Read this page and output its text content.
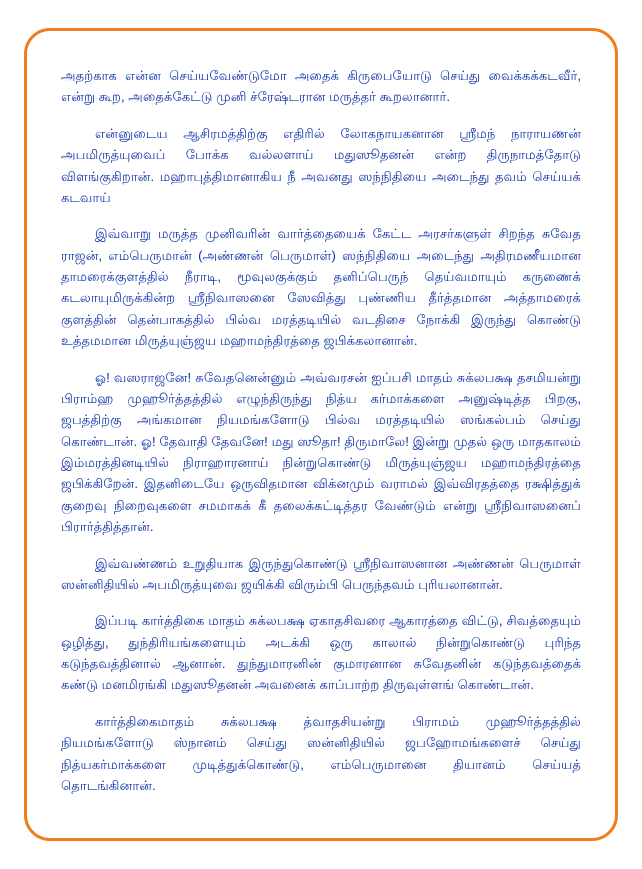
அதற்காக என்ன செய்யவேண்டுமோ அதைக் கிருபையோடு செய்து வைக்கக்கடவீர், என்று கூற, அதைக்கேட்டு முனி ச்ரேஷ்டரான மருத்தர் கூறலானார்.

என்னுடைய ஆசிரமத்திற்கு எதிரில் லோகநாயகனான ஸ்ரீமந் நாராயணன் அபமிருத்யுவைப் போக்க வல்லளாய் மதுஸூதனன் என்ற திருநாமத்தோடு விளங்குகிறான். மஹாபுத்திமானாகிய நீ அவனது ஸந்நிதியை அடைந்து தவம் செய்யக் கடவாய்

இவ்வாறு மருத்த முனிவரின் வார்த்தையைக் கேட்ட அரசர்களுள் சிறந்த சுவேத ராஜன், எம்பெருமான் (அண்ணன் பெருமாள்) ஸந்நிதியை அடைந்து அதிரமணீயமான தாமரைக்குளத்தில் நீராடி, மூவுலகுக்கும் தனிப்பெருந் தெய்வமாயும் கருணைக் கடலாயுமிருக்கின்ற ஸ்ரீநிவாஸனை ஸேவித்து புண்ணிய தீர்த்தமான அத்தாமரைக் குளத்தின் தென்பாகத்தில் பில்வ மரத்தடியில் வடதிசை நோக்கி இருந்து கொண்டு உத்தமமான மிருத்யுஞ்ஜய மஹாமந்திரத்தை ஜபிக்கலானான்.

ஓ! வஸராஜனே! சுவேதனென்னும் அவ்வரசன் ஐப்பசி மாதம் சுக்லபக்ஷ தசமியன்று பிராம்ஹ முஹூர்த்தத்தில் எழுந்திருந்து நித்ய கர்மாக்களை அனுஷ்டித்த பிறகு, ஜபத்திற்கு அங்கமான நியமங்களோடு பில்வ மரத்தடியில் ஸங்கல்பம் செய்து கொண்டான். ஓ! தேவாதி தேவனே! மது ஸூதா! திருமாலே! இன்று முதல் ஒரு மாதகாலம் இம்மரத்தினடியில் நிராஹாரனாய் நின்றுகொண்டு மிருத்யுஞ்ஜய மஹாமந்திரத்தை ஜபிக்கிறேன். இதனிடையே ஒருவிதமான விக்னமும் வராமல் இவ்விரதத்தை ரக்ஷித்துக் குறைவு நிறைவுகளை சமமாகக் கீ தலைக்கட்டித்தர வேண்டும் என்று ஸ்ரீநிவாஸனைப் பிரார்த்தித்தான்.

இவ்வண்ணம் உறுதியாக இருந்துகொண்டு ஸ்ரீநிவாஸனான அண்ணன் பெருமாள் ஸன்னிதியில் அபமிருத்யுவை ஜயிக்கி விரும்பி பெருந்தவம் புரியலானான்.

இப்படி கார்த்திகை மாதம் சுக்லபக்ஷ ஏகாதசிவரை ஆகாரத்தை விட்டு, சிவத்தையும் ஒழித்து, துந்திரியங்களையும் அடக்கி ஒரு காலால் நின்றுகொண்டு புரிந்த கடுந்தவத்தினால் ஆனான். துந்துமாரனின் குமாரனான சுவேதனின் கடுந்தவத்தைக் கண்டு மனமிரங்கி மதுஸூதனன் அவனைக் காப்பாற்ற திருவுள்ளங் கொண்டான்.

கார்த்திகைமாதம் சுக்லபக்ஷ த்வாதசியன்று பிராமம் முஹூர்த்தத்தில் நியமங்களோடு ஸ்நானம் செய்து ஸன்னிதியில் ஜபஹோமங்களைச் செய்து நித்யகர்மாக்களை முடித்துக்கொண்டு, எம்பெருமானை தியானம் செய்யத் தொடங்கினான்.
